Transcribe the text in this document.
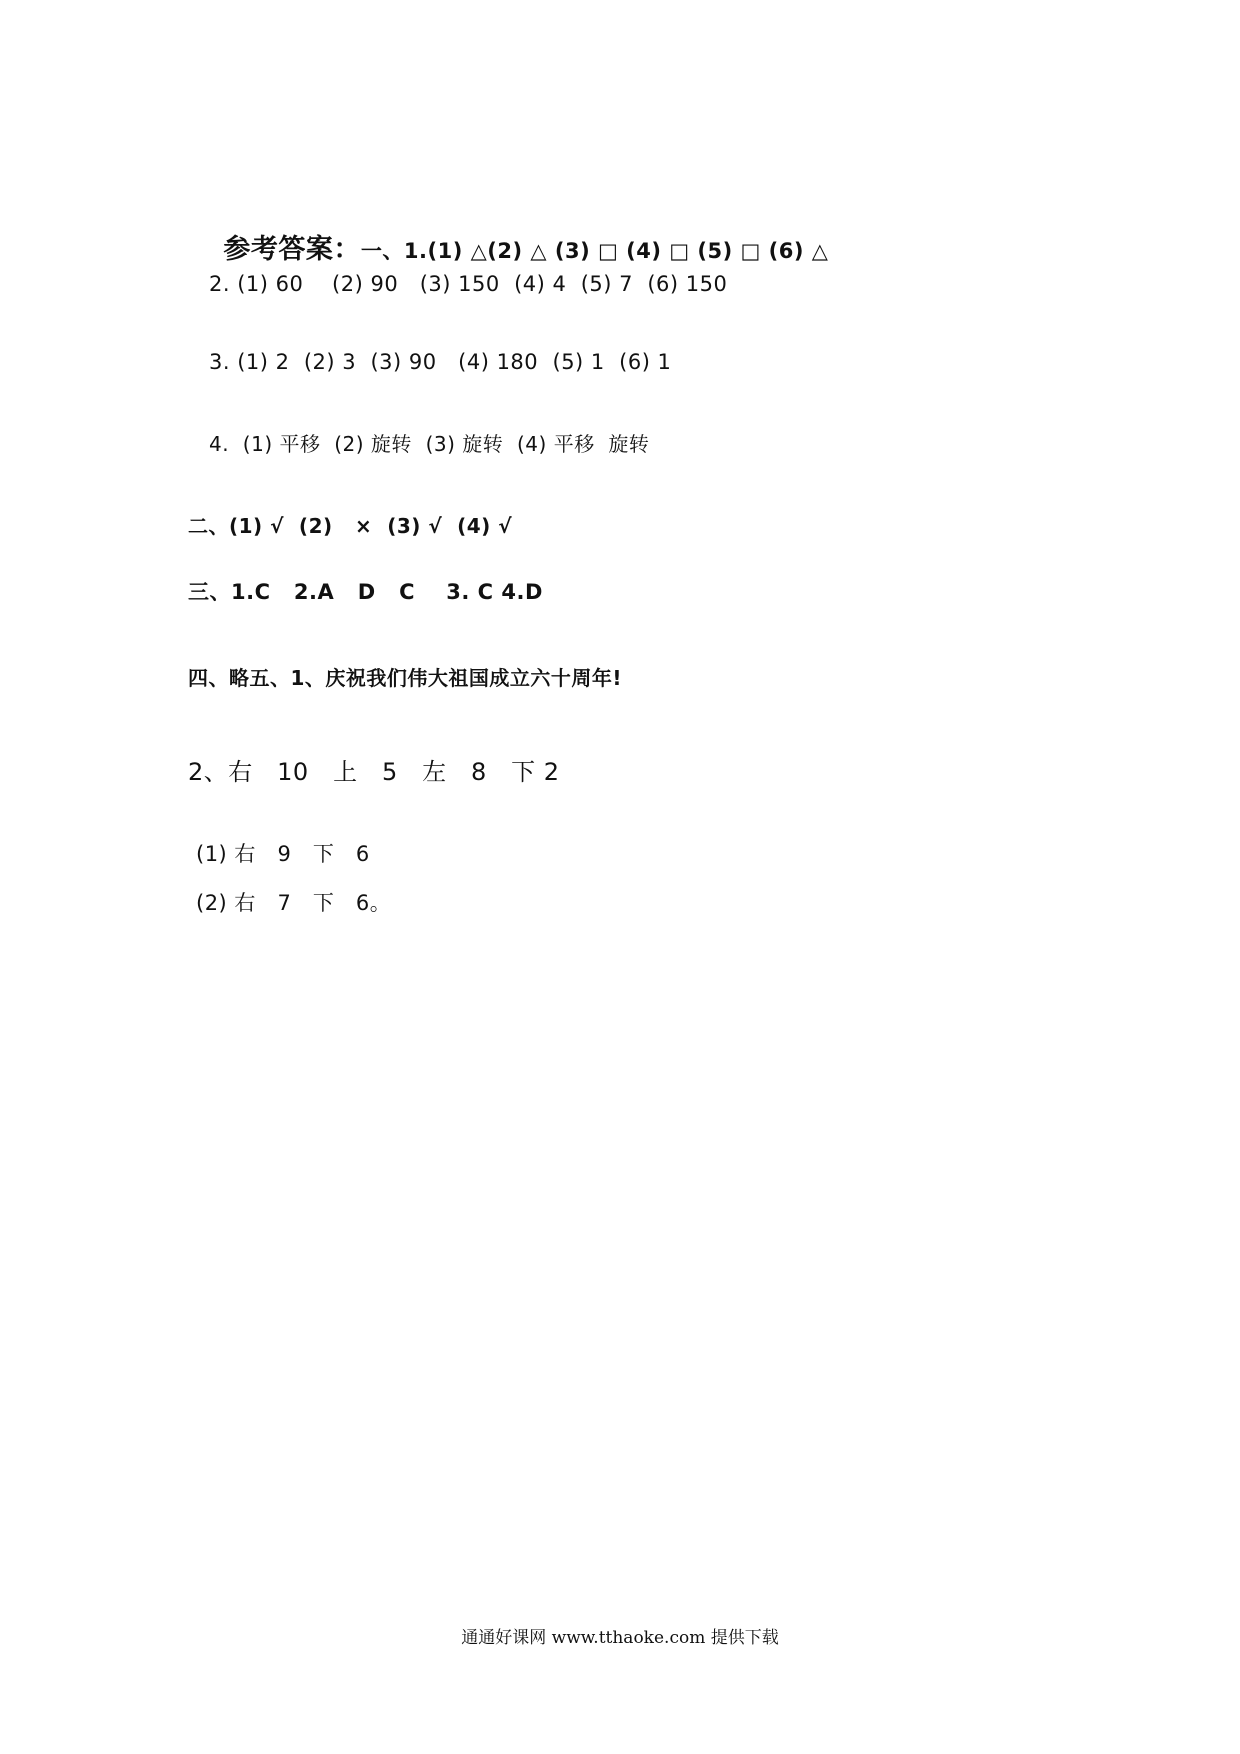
参考答案：一、1.(1) △(2) △ (3) □ (4) □ (5) □ (6) △

2. (1) 60    (2) 90   (3) 150  (4) 4  (5) 7  (6) 150
3. (1) 2  (2) 3  (3) 90   (4) 180  (5) 1  (6) 1
4.  (1) 平移  (2) 旋转  (3) 旋转  (4) 平移  旋转
二、(1) √  (2)   ×  (3) √  (4) √
三、1.C   2.A   D   C    3. C 4.D
四、略五、1、庆祝我们伟大祖国成立六十周年!
2、右   10   上   5   左   8   下 2
(1) 右   9   下   6
(2) 右   7   下   6。
通通好课网 www.tthaoke.com 提供下载
